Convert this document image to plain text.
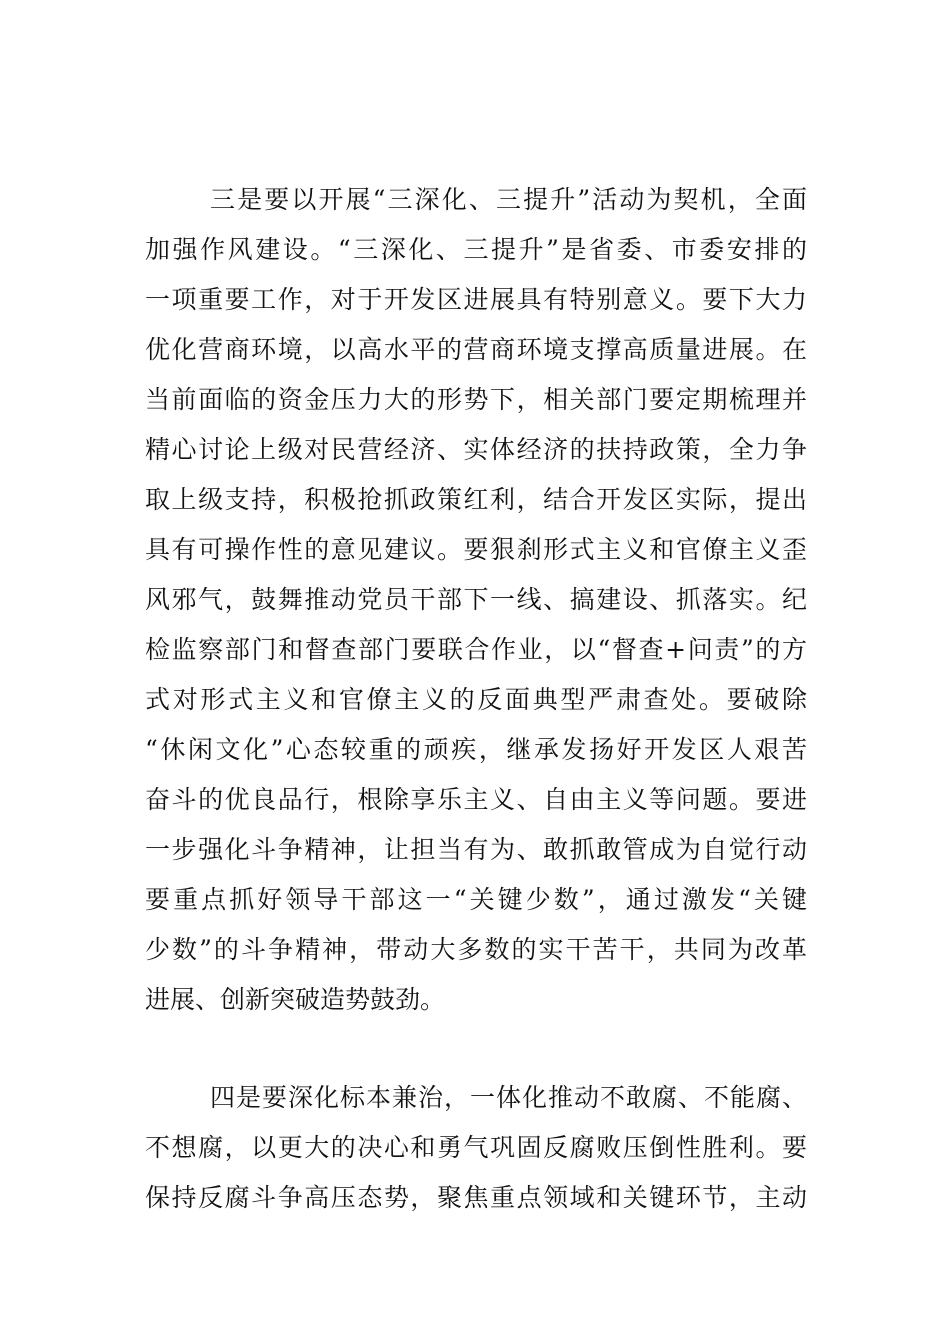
三是要以开展“三深化、三提升”活动为契机，全面
加强作风建设。“三深化、三提升”是省委、市委安排的
一项重要工作，对于开发区进展具有特别意义。要下大力
优化营商环境，以高水平的营商环境支撑高质量进展。在
当前面临的资金压力大的形势下，相关部门要定期梳理并
精心讨论上级对民营经济、实体经济的扶持政策，全力争
取上级支持，积极抢抓政策红利，结合开发区实际，提出
具有可操作性的意见建议。要狠刹形式主义和官僚主义歪
风邪气，鼓舞推动党员干部下一线、搞建设、抓落实。纪
检监察部门和督查部门要联合作业，以“督查+问责”的方
式对形式主义和官僚主义的反面典型严肃查处。要破除
“休闲文化”心态较重的顽疾，继承发扬好开发区人艰苦
奋斗的优良品行，根除享乐主义、自由主义等问题。要进
一步强化斗争精神，让担当有为、敢抓敢管成为自觉行动
要重点抓好领导干部这一“关键少数”，通过激发“关键
少数”的斗争精神，带动大多数的实干苦干，共同为改革
进展、创新突破造势鼓劲。
四是要深化标本兼治，一体化推动不敢腐、不能腐、
不想腐，以更大的决心和勇气巩固反腐败压倒性胜利。要
保持反腐斗争高压态势，聚焦重点领域和关键环节，主动
